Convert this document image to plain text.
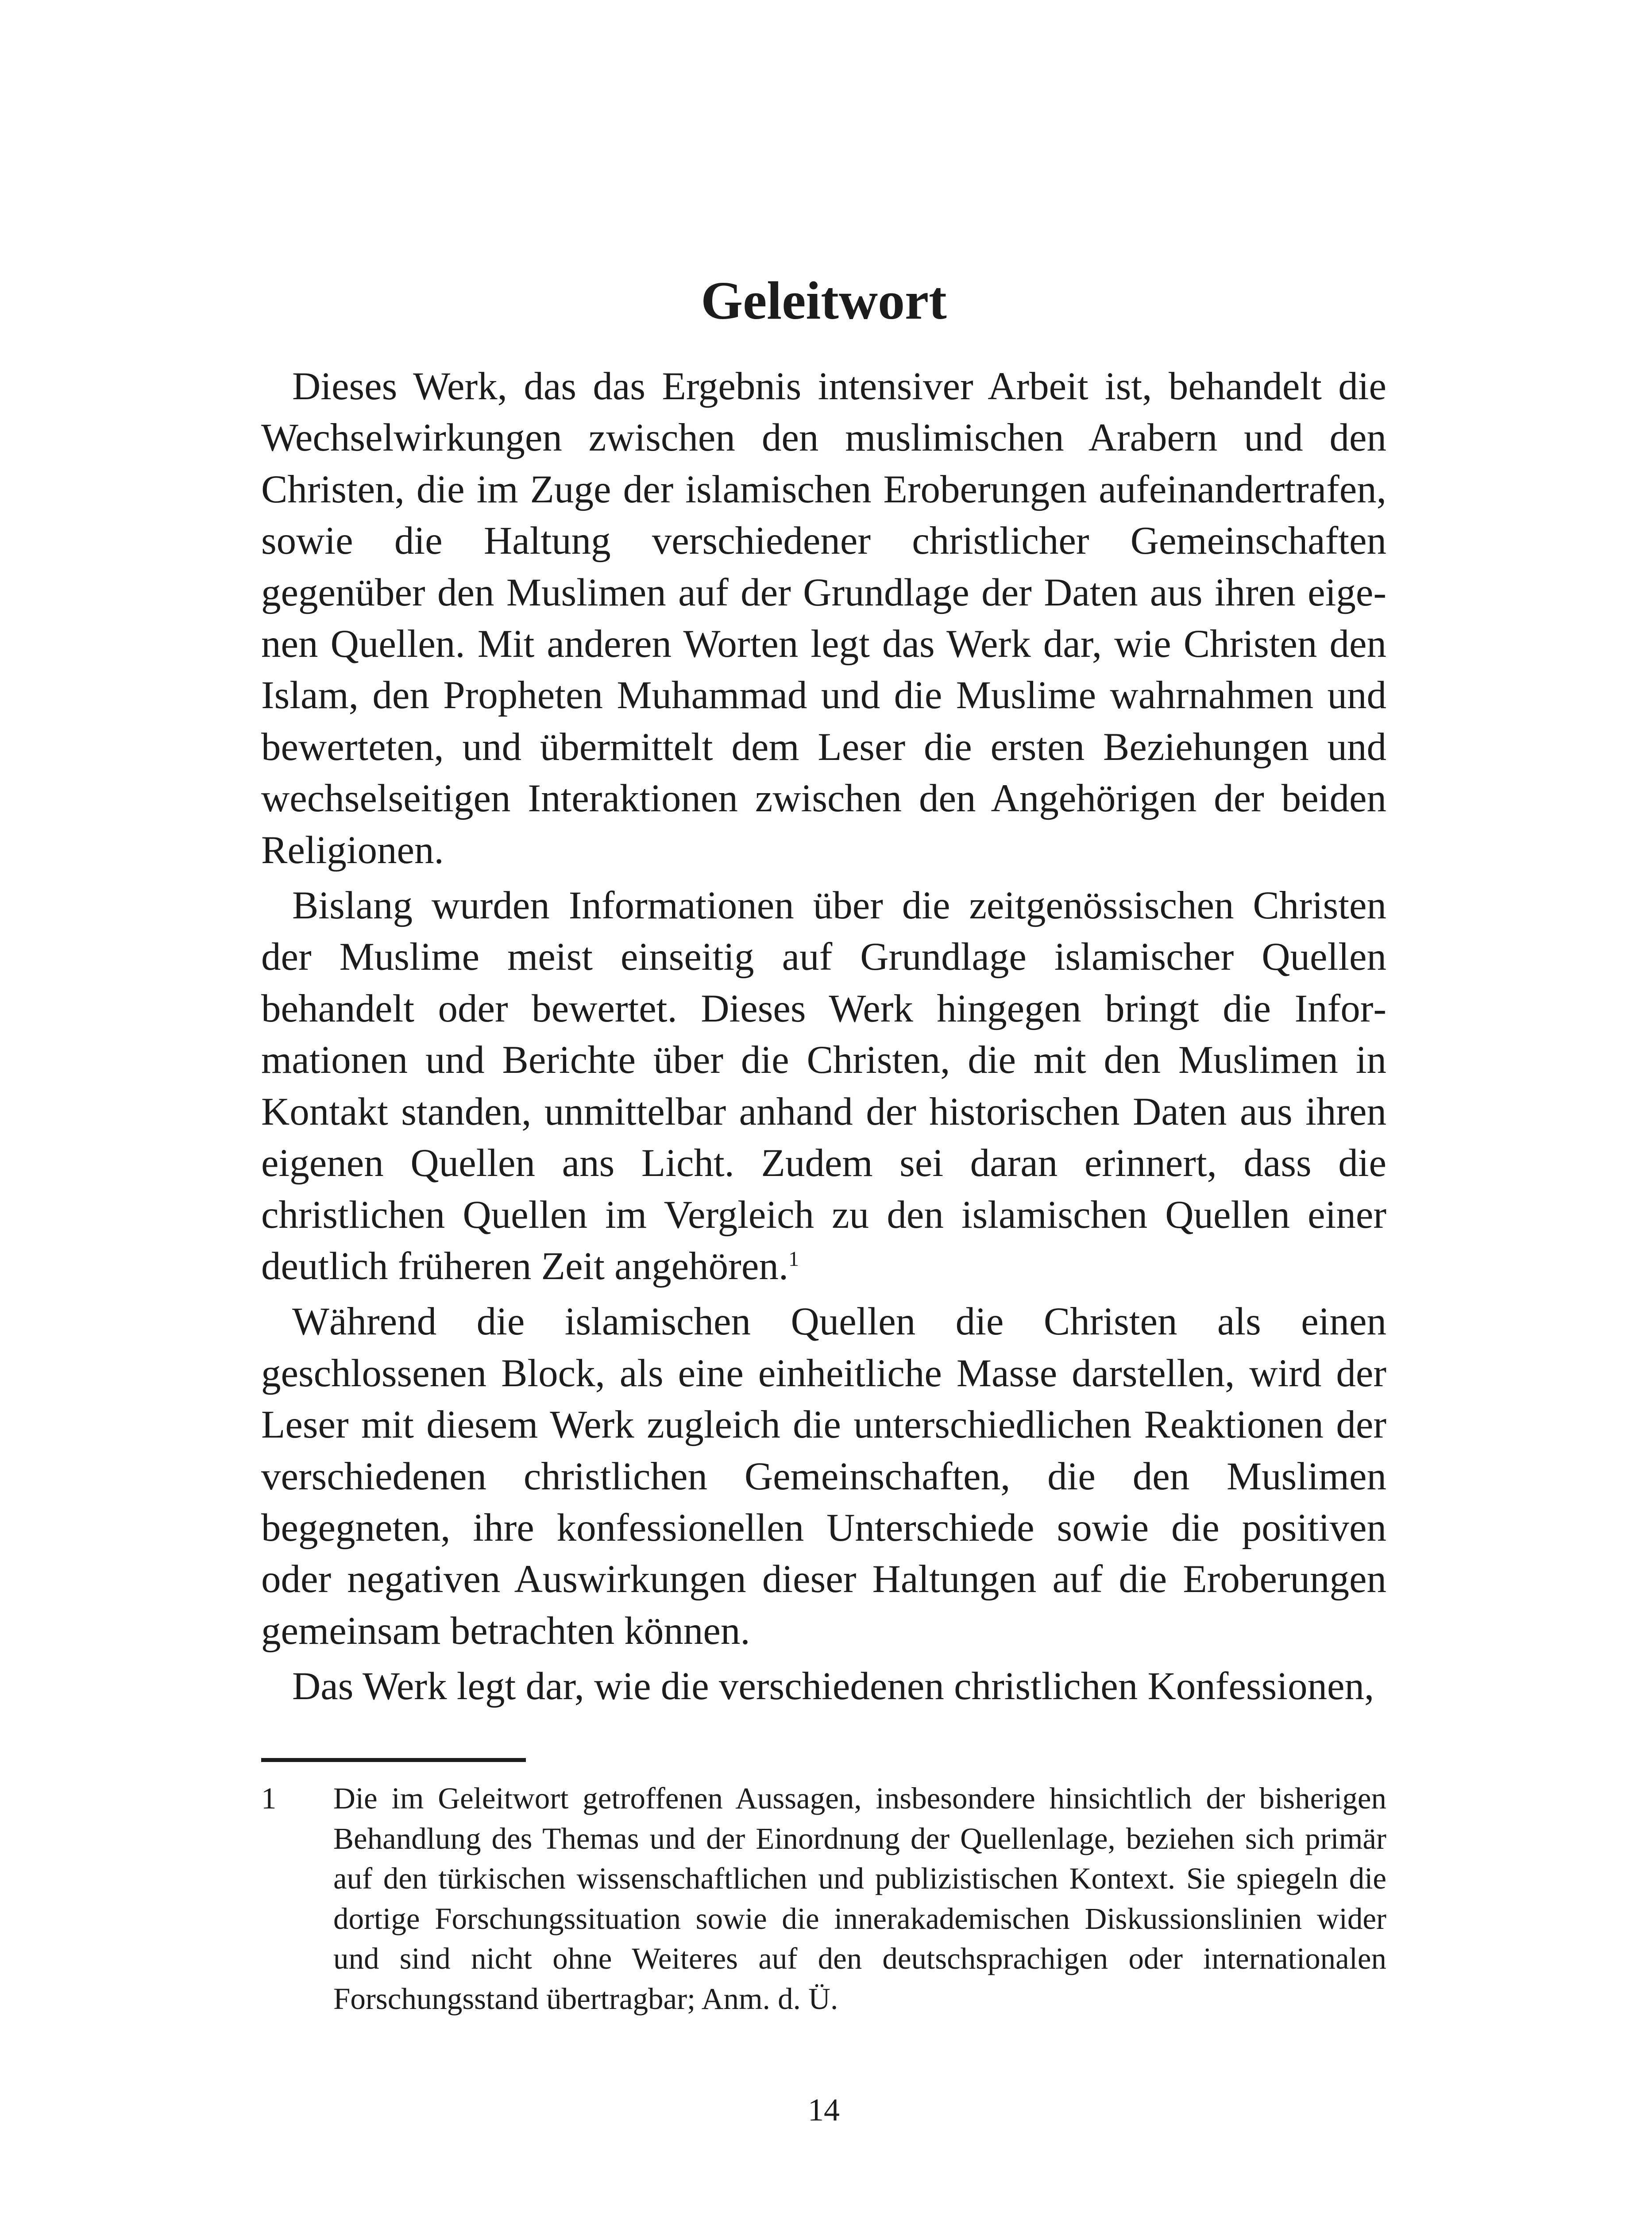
Geleitwort

Dieses Werk, das das Ergebnis intensiver Arbeit ist, behandelt die Wechselwirkungen zwischen den muslimischen Arabern und den Christen, die im Zuge der islamischen Eroberungen aufeinandertrafen, sowie die Haltung verschiedener christlicher Gemeinschaften gegenüber den Muslimen auf der Grundlage der Daten aus ihren eigenen Quellen. Mit anderen Worten legt das Werk dar, wie Christen den Islam, den Propheten Muhammad und die Muslime wahrnahmen und bewerteten, und übermittelt dem Leser die ersten Beziehungen und wechselseitigen Interaktionen zwischen den Angehörigen der beiden Religionen.

Bislang wurden Informationen über die zeitgenössischen Christen der Muslime meist einseitig auf Grundlage islamischer Quellen behandelt oder bewertet. Dieses Werk hingegen bringt die Informationen und Berichte über die Christen, die mit den Muslimen in Kontakt standen, unmittelbar anhand der historischen Daten aus ihren eigenen Quellen ans Licht. Zudem sei daran erinnert, dass die christlichen Quellen im Vergleich zu den islamischen Quellen einer deutlich früheren Zeit angehören.$^1$

Während die islamischen Quellen die Christen als einen geschlossenen Block, als eine einheitliche Masse darstellen, wird der Leser mit diesem Werk zugleich die unterschiedlichen Reaktionen der verschiedenen christlichen Gemeinschaften, die den Muslimen begegneten, ihre konfessionellen Unterschiede sowie die positiven oder negativen Auswirkungen dieser Haltungen auf die Eroberungen gemeinsam betrachten können.

Das Werk legt dar, wie die verschiedenen christlichen Konfessionen,

1 Die im Geleitwort getroffenen Aussagen, insbesondere hinsichtlich der bisherigen Behandlung des Themas und der Einordnung der Quellenlage, beziehen sich primär auf den türkischen wissenschaftlichen und publizistischen Kontext. Sie spiegeln die dortige Forschungssituation sowie die innerakademischen Diskussionslinien wider und sind nicht ohne Weiteres auf den deutschsprachigen oder internationalen Forschungsstand übertragbar; Anm. d. Ü.
14
